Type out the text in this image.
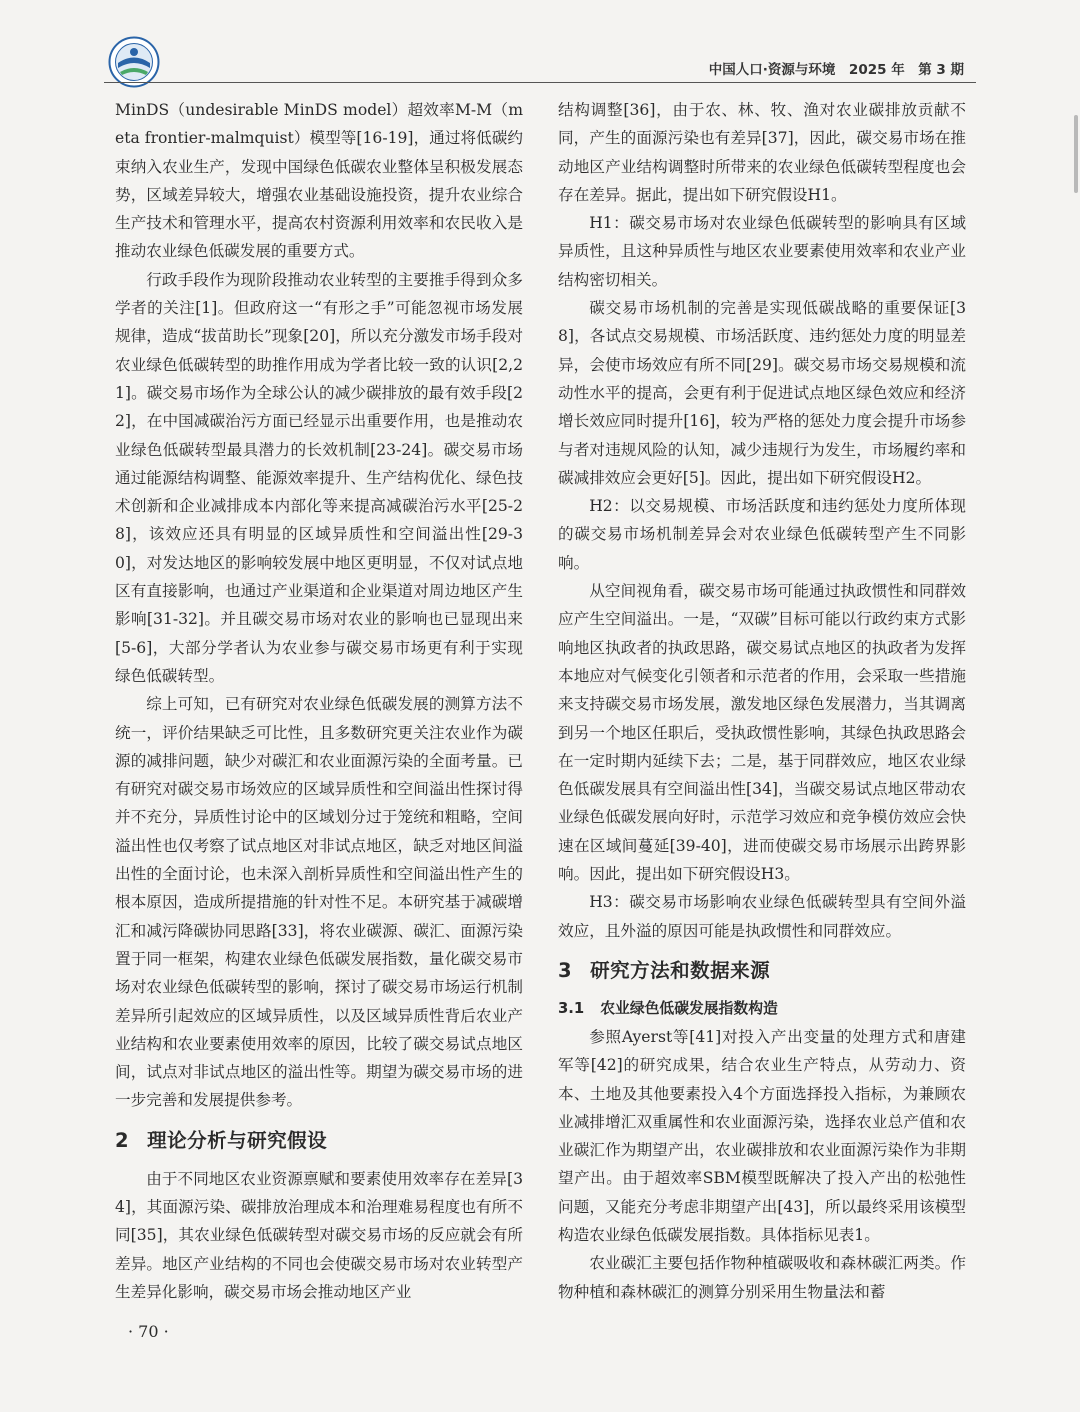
中国人口·资源与环境　2025 年　第 3 期

MinDS（undesirable MinDS model）超效率M-M（meta frontier-malmquist）模型等[16-19]，通过将低碳约束纳入农业生产，发现中国绿色低碳农业整体呈积极发展态势，区域差异较大，增强农业基础设施投资，提升农业综合生产技术和管理水平，提高农村资源利用效率和农民收入是推动农业绿色低碳发展的重要方式。

行政手段作为现阶段推动农业转型的主要推手得到众多学者的关注[1]。但政府这一“有形之手”可能忽视市场发展规律，造成“拔苗助长”现象[20]，所以充分激发市场手段对农业绿色低碳转型的助推作用成为学者比较一致的认识[2,21]。碳交易市场作为全球公认的减少碳排放的最有效手段[22]，在中国减碳治污方面已经显示出重要作用，也是推动农业绿色低碳转型最具潜力的长效机制[23-24]。碳交易市场通过能源结构调整、能源效率提升、生产结构优化、绿色技术创新和企业减排成本内部化等来提高减碳治污水平[25-28]，该效应还具有明显的区域异质性和空间溢出性[29-30]，对发达地区的影响较发展中地区更明显，不仅对试点地区有直接影响，也通过产业渠道和企业渠道对周边地区产生影响[31-32]。并且碳交易市场对农业的影响也已显现出来[5-6]，大部分学者认为农业参与碳交易市场更有利于实现绿色低碳转型。

综上可知，已有研究对农业绿色低碳发展的测算方法不统一，评价结果缺乏可比性，且多数研究更关注农业作为碳源的减排问题，缺少对碳汇和农业面源污染的全面考量。已有研究对碳交易市场效应的区域异质性和空间溢出性探讨得并不充分，异质性讨论中的区域划分过于笼统和粗略，空间溢出性也仅考察了试点地区对非试点地区，缺乏对地区间溢出性的全面讨论，也未深入剖析异质性和空间溢出性产生的根本原因，造成所提措施的针对性不足。本研究基于减碳增汇和减污降碳协同思路[33]，将农业碳源、碳汇、面源污染置于同一框架，构建农业绿色低碳发展指数，量化碳交易市场对农业绿色低碳转型的影响，探讨了碳交易市场运行机制差异所引起效应的区域异质性，以及区域异质性背后农业产业结构和农业要素使用效率的原因，比较了碳交易试点地区间，试点对非试点地区的溢出性等。期望为碳交易市场的进一步完善和发展提供参考。

2 理论分析与研究假设

由于不同地区农业资源禀赋和要素使用效率存在差异[34]，其面源污染、碳排放治理成本和治理难易程度也有所不同[35]，其农业绿色低碳转型对碳交易市场的反应就会有所差异。地区产业结构的不同也会使碳交易市场对农业转型产生差异化影响，碳交易市场会推动地区产业

结构调整[36]，由于农、林、牧、渔对农业碳排放贡献不同，产生的面源污染也有差异[37]，因此，碳交易市场在推动地区产业结构调整时所带来的农业绿色低碳转型程度也会存在差异。据此，提出如下研究假设H1。

H1：碳交易市场对农业绿色低碳转型的影响具有区域异质性，且这种异质性与地区农业要素使用效率和农业产业结构密切相关。

碳交易市场机制的完善是实现低碳战略的重要保证[38]，各试点交易规模、市场活跃度、违约惩处力度的明显差异，会使市场效应有所不同[29]。碳交易市场交易规模和流动性水平的提高，会更有利于促进试点地区绿色效应和经济增长效应同时提升[16]，较为严格的惩处力度会提升市场参与者对违规风险的认知，减少违规行为发生，市场履约率和碳减排效应会更好[5]。因此，提出如下研究假设H2。

H2：以交易规模、市场活跃度和违约惩处力度所体现的碳交易市场机制差异会对农业绿色低碳转型产生不同影响。

从空间视角看，碳交易市场可能通过执政惯性和同群效应产生空间溢出。一是，“双碳”目标可能以行政约束方式影响地区执政者的执政思路，碳交易试点地区的执政者为发挥本地应对气候变化引领者和示范者的作用，会采取一些措施来支持碳交易市场发展，激发地区绿色发展潜力，当其调离到另一个地区任职后，受执政惯性影响，其绿色执政思路会在一定时期内延续下去；二是，基于同群效应，地区农业绿色低碳发展具有空间溢出性[34]，当碳交易试点地区带动农业绿色低碳发展向好时，示范学习效应和竞争模仿效应会快速在区域间蔓延[39-40]，进而使碳交易市场展示出跨界影响。因此，提出如下研究假设H3。

H3：碳交易市场影响农业绿色低碳转型具有空间外溢效应，且外溢的原因可能是执政惯性和同群效应。

3 研究方法和数据来源
3.1 农业绿色低碳发展指数构造

参照Ayerst等[41]对投入产出变量的处理方式和唐建军等[42]的研究成果，结合农业生产特点，从劳动力、资本、土地及其他要素投入4个方面选择投入指标，为兼顾农业减排增汇双重属性和农业面源污染，选择农业总产值和农业碳汇作为期望产出，农业碳排放和农业面源污染作为非期望产出。由于超效率SBM模型既解决了投入产出的松弛性问题，又能充分考虑非期望产出[43]，所以最终采用该模型构造农业绿色低碳发展指数。具体指标见表1。

农业碳汇主要包括作物种植碳吸收和森林碳汇两类。作物种植和森林碳汇的测算分别采用生物量法和蓄

· 70 ·
